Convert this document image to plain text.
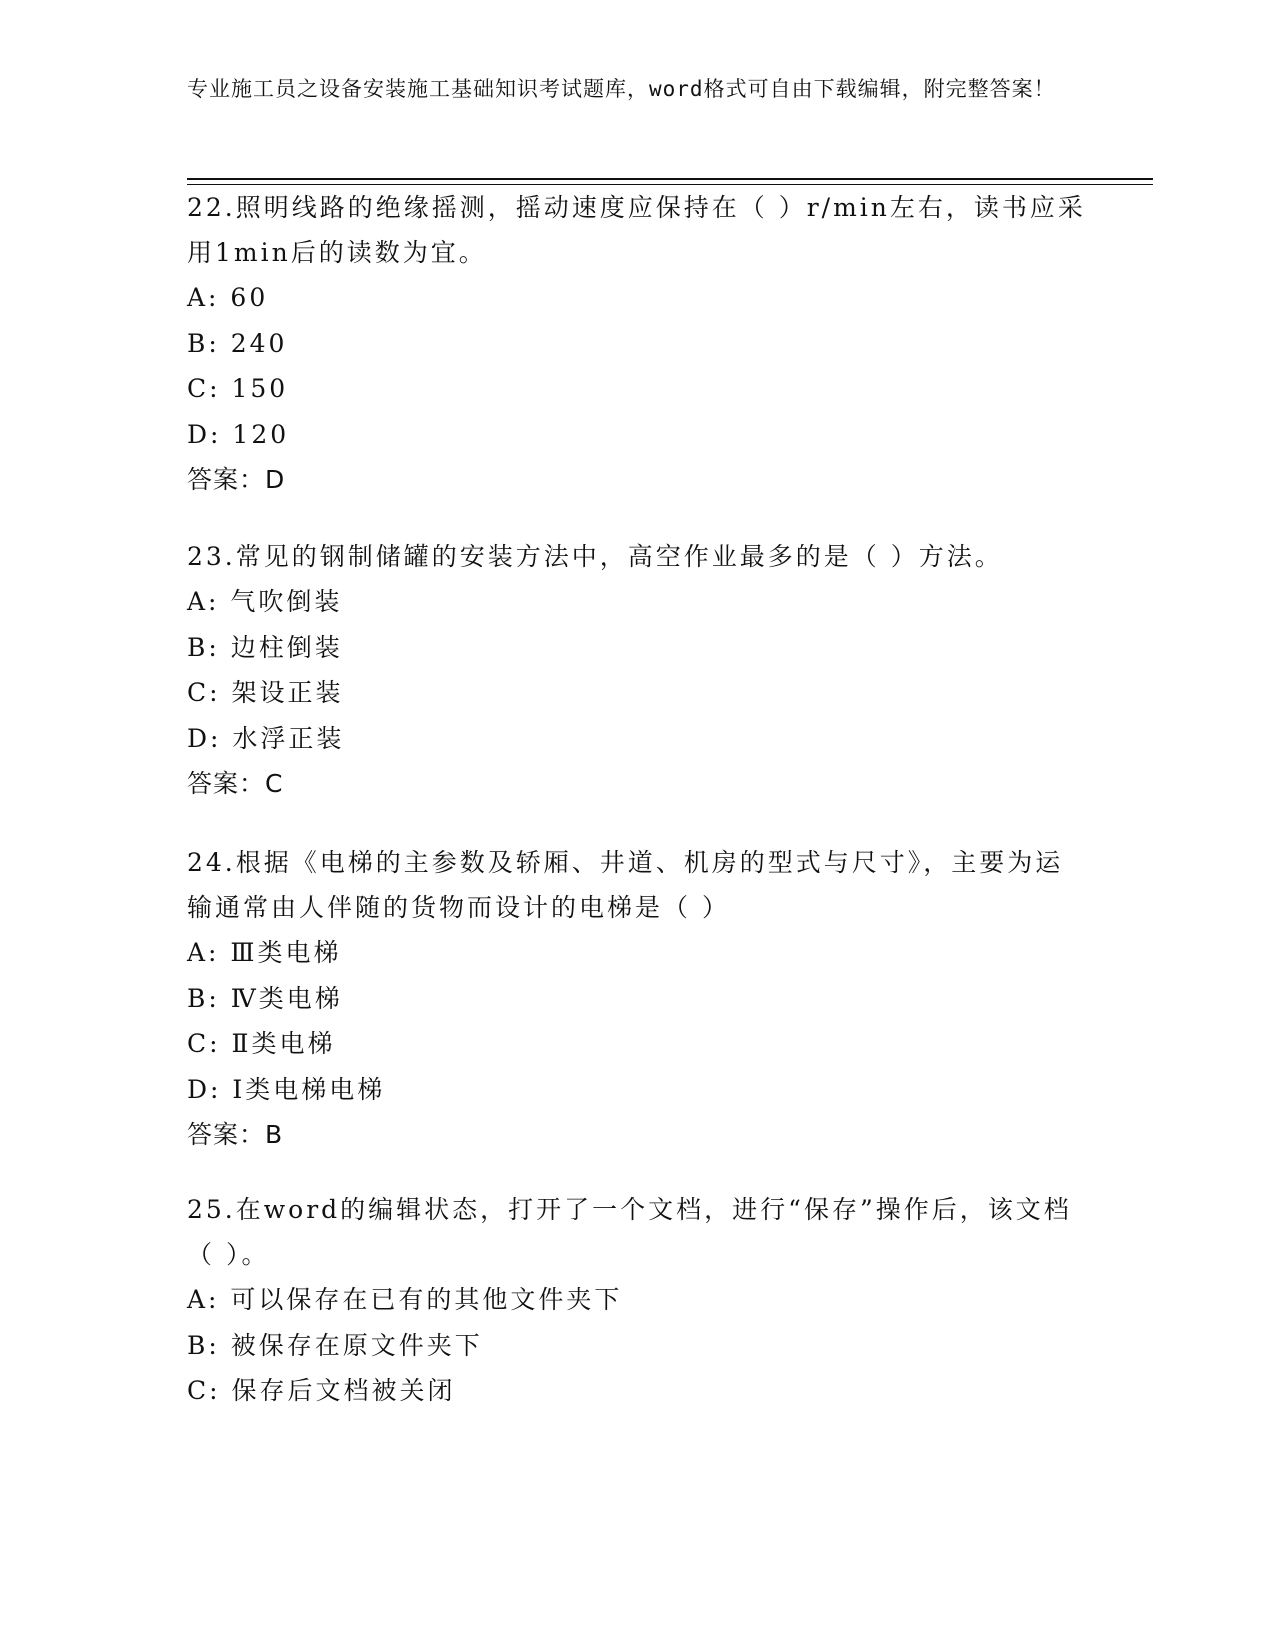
专业施工员之设备安装施工基础知识考试题库，word格式可自由下载编辑，附完整答案！

22.照明线路的绝缘摇测，摇动速度应保持在（ ）r/min左右，读书应采用1min后的读数为宜。

A: 60

B: 240

C: 150

D: 120

答案：D

23.常见的钢制储罐的安装方法中，高空作业最多的是（ ）方法。

A: 气吹倒装

B: 边柱倒装

C: 架设正装

D: 水浮正装

答案：C

24.根据《电梯的主参数及轿厢、井道、机房的型式与尺寸》，主要为运输通常由人伴随的货物而设计的电梯是（ ）

A: Ⅲ类电梯

B: Ⅳ类电梯

C: Ⅱ类电梯

D: Ⅰ类电梯电梯

答案：B

25.在word的编辑状态，打开了一个文档，进行“保存”操作后，该文档（ ）。

A: 可以保存在已有的其他文件夹下

B: 被保存在原文件夹下

C: 保存后文档被关闭
